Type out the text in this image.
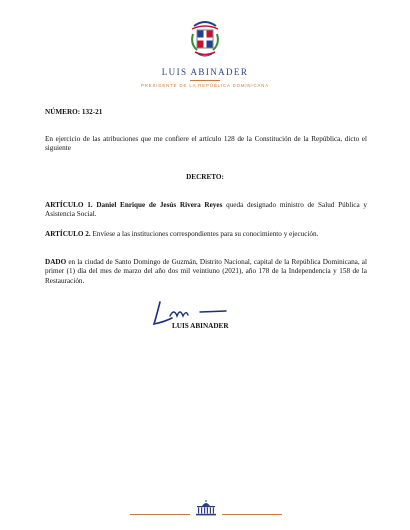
LUIS ABINADER
PRESIDENTE DE LA REPÚBLICA DOMINICANA
NÚMERO: 132-21
En ejercicio de las atribuciones que me confiere el artículo 128 de la Constitución de la República, dicto el siguiente
DECRETO:
ARTÍCULO 1. Daniel Enrique de Jesús Rivera Reyes queda designado ministro de Salud Pública y Asistencia Social.
ARTÍCULO 2. Envíese a las instituciones correspondientes para su conocimiento y ejecución.
DADO en la ciudad de Santo Domingo de Guzmán, Distrito Nacional, capital de la República Dominicana, al primer (1) día del mes de marzo del año dos mil veintiuno (2021), año 178 de la Independencia y 158 de la Restauración.
LUIS ABINADER
